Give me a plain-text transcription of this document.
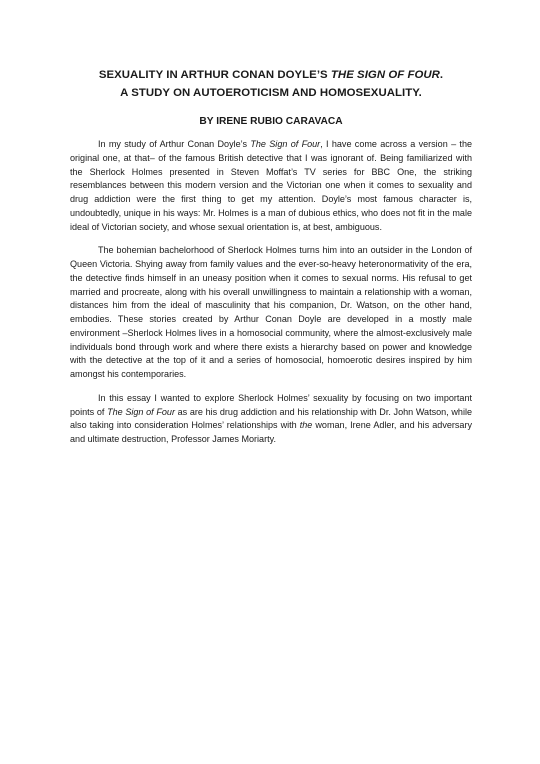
SEXUALITY IN ARTHUR CONAN DOYLE’S THE SIGN OF FOUR.
A STUDY ON AUTOEROTICISM AND HOMOSEXUALITY.
BY IRENE RUBIO CARAVACA

In my study of Arthur Conan Doyle’s The Sign of Four, I have come across a version – the original one, at that– of the famous British detective that I was ignorant of. Being familiarized with the Sherlock Holmes presented in Steven Moffat’s TV series for BBC One, the striking resemblances between this modern version and the Victorian one when it comes to sexuality and drug addiction were the first thing to get my attention. Doyle’s most famous character is, undoubtedly, unique in his ways: Mr. Holmes is a man of dubious ethics, who does not fit in the male ideal of Victorian society, and whose sexual orientation is, at best, ambiguous.

The bohemian bachelorhood of Sherlock Holmes turns him into an outsider in the London of Queen Victoria. Shying away from family values and the ever-so-heavy heteronormativity of the era, the detective finds himself in an uneasy position when it comes to sexual norms. His refusal to get married and procreate, along with his overall unwillingness to maintain a relationship with a woman, distances him from the ideal of masculinity that his companion, Dr. Watson, on the other hand, embodies. These stories created by Arthur Conan Doyle are developed in a mostly male environment –Sherlock Holmes lives in a homosocial community, where the almost-exclusively male individuals bond through work and where there exists a hierarchy based on power and knowledge with the detective at the top of it and a series of homosocial, homoerotic desires inspired by him amongst his contemporaries.

In this essay I wanted to explore Sherlock Holmes’ sexuality by focusing on two important points of The Sign of Four as are his drug addiction and his relationship with Dr. John Watson, while also taking into consideration Holmes’ relationships with the woman, Irene Adler, and his adversary and ultimate destruction, Professor James Moriarty.
